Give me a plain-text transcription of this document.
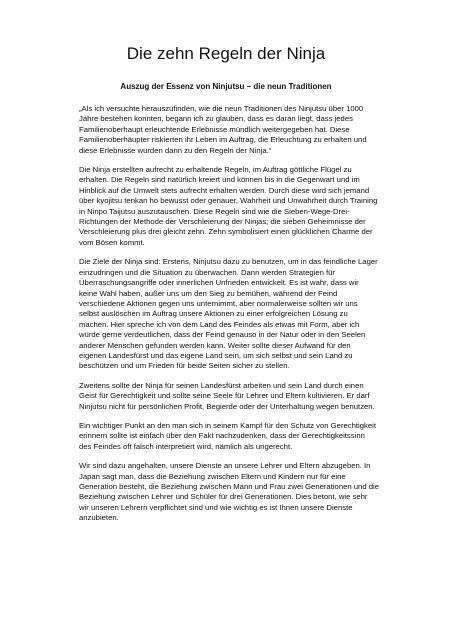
Die zehn Regeln der Ninja
Auszug der Essenz von Ninjutsu – die neun Traditionen

„Als ich versuchte herauszufinden, wie die neun Traditionen des Ninjutsu über 1000 Jahre bestehen konnten, begann ich zu glauben, dass es daran liegt, dass jedes Familienoberhaupt erleuchtende Erlebnisse mündlich weitergegeben hat. Diese Familienoberhäupter riskierten ihr Leben im Auftrag, die Erleuchtung zu erhalten und diese Erlebnisse wurden dann zu den Regeln der Ninja.“

Die Ninja erstellten aufrecht zu erhaltende Regeln, im Auftrag göttliche Flügel zu erhalten. Die Regeln sind natürlich kreiert und können bis in die Gegenwart und im Hinblick auf die Umwelt stets aufrecht erhalten werden. Durch diese wird sich jemand über kyojitsu tenkan ho bewusst oder genauer, Wahrheit und Unwahrheit durch Training in Ninpo Taijutsu auszutauschen. Diese Regeln sind wie die Sieben-Wege-Drei-Richtungen der Methode der Verschleierung der Ninjas; die sieben Geheimnisse der Verschleierung plus drei gleicht zehn. Zehn symbolisiert einen glücklichen Charme der vom Bösen kommt.

Die Ziele der Ninja sind: Erstens, Ninjutsu dazu zu benutzen, um in das feindliche Lager einzudringen und die Situation zu überwachen. Dann werden Strategien für Überraschungsangriffe oder innerlichen Unfrieden entwickelt. Es ist wahr, dass wir keine Wahl haben, außer uns um den Sieg zu bemühen, während der Feind verschiedene Aktionen gegen uns unternimmt, aber normalerweise sollten wir uns selbst auslöschen im Auftrag unsere Aktionen zu einer erfolgreichen Lösung zu machen. Hier spreche ich von dem Land des Feindes als etwas mit Form, aber ich würde gerne verdeutlichen, dass der Feind genauso in der Natur oder in den Seelen anderer Menschen gefunden werden kann. Weiter sollte dieser Aufwand für den eigenen Landesfürst und das eigene Land sein, um sich selbst und sein Land zu beschützen und um Frieden für beide Seiten sicher zu stellen.

Zweitens sollte der Ninja für seinen Landesfürst arbeiten und sein Land durch einen Geist für Gerechtigkeit und sollte seine Seele für Lehrer und Eltern kultivieren. Er darf Ninjutsu nicht für persönlichen Profit, Begierde oder der Unterhaltung wegen benutzen.

Ein wichtiger Punkt an den man sich in seinem Kampf für den Schutz von Gerechtigkeit erinnern sollte ist einfach über den Fakt nachzudenken, dass der Gerechtigkeitssinn des Feindes oft falsch interpretiert wird, nämlich als ungerecht.

Wir sind dazu angehalten, unsere Dienste an unsere Lehrer und Eltern abzugeben. In Japan sagt man, dass die Beziehung zwischen Eltern und Kindern nur für eine Generation besteht, die Beziehung zwischen Mann und Frau zwei Generationen und die Beziehung zwischen Lehrer und Schüler für drei Generationen. Dies betont, wie sehr wir unseren Lehrern verpflichtet sind und wie wichtig es ist Ihnen unsere Dienste anzubieten.
